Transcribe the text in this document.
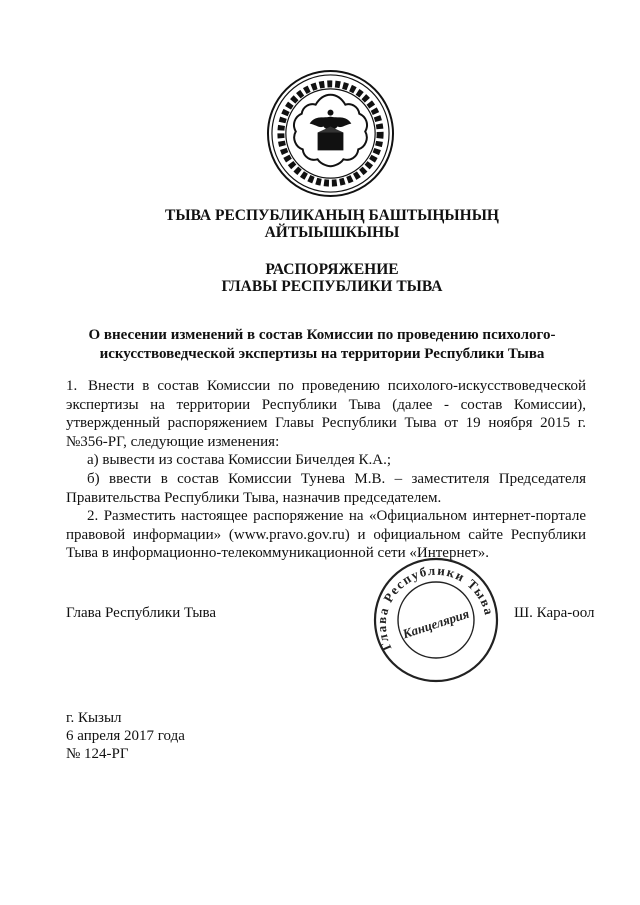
ТЫВА РЕСПУБЛИКАНЫҢ БАШТЫҢЫНЫҢ
АЙТЫЫШКЫНЫ
РАСПОРЯЖЕНИЕ
ГЛАВЫ РЕСПУБЛИКИ ТЫВА
О внесении изменений в состав Комиссии по проведению психолого-
искусствоведческой экспертизы на территории Республики Тыва

1. Внести в состав Комиссии по проведению психолого-искусствоведческой экспертизы на территории Республики Тыва (далее - состав Комиссии), утвержденный распоряжением Главы Республики Тыва от 19 ноября 2015 г. №356-РГ, следующие изменения:

а) вывести из состава Комиссии Бичелдея К.А.;

б) ввести в состав Комиссии Тунева М.В. – заместителя Председателя Правительства Республики Тыва, назначив председателем.

2. Разместить настоящее распоряжение на «Официальном интернет-портале правовой информации» (www.pravo.gov.ru) и официальном сайте Республики Тыва в информационно-телекоммуникационной сети «Интернет».

Глава Республики Тыва	Ш. Кара-оол
Глава Республики Тыва
Канцелярия
г. Кызыл
6 апреля 2017 года
№ 124-РГ
